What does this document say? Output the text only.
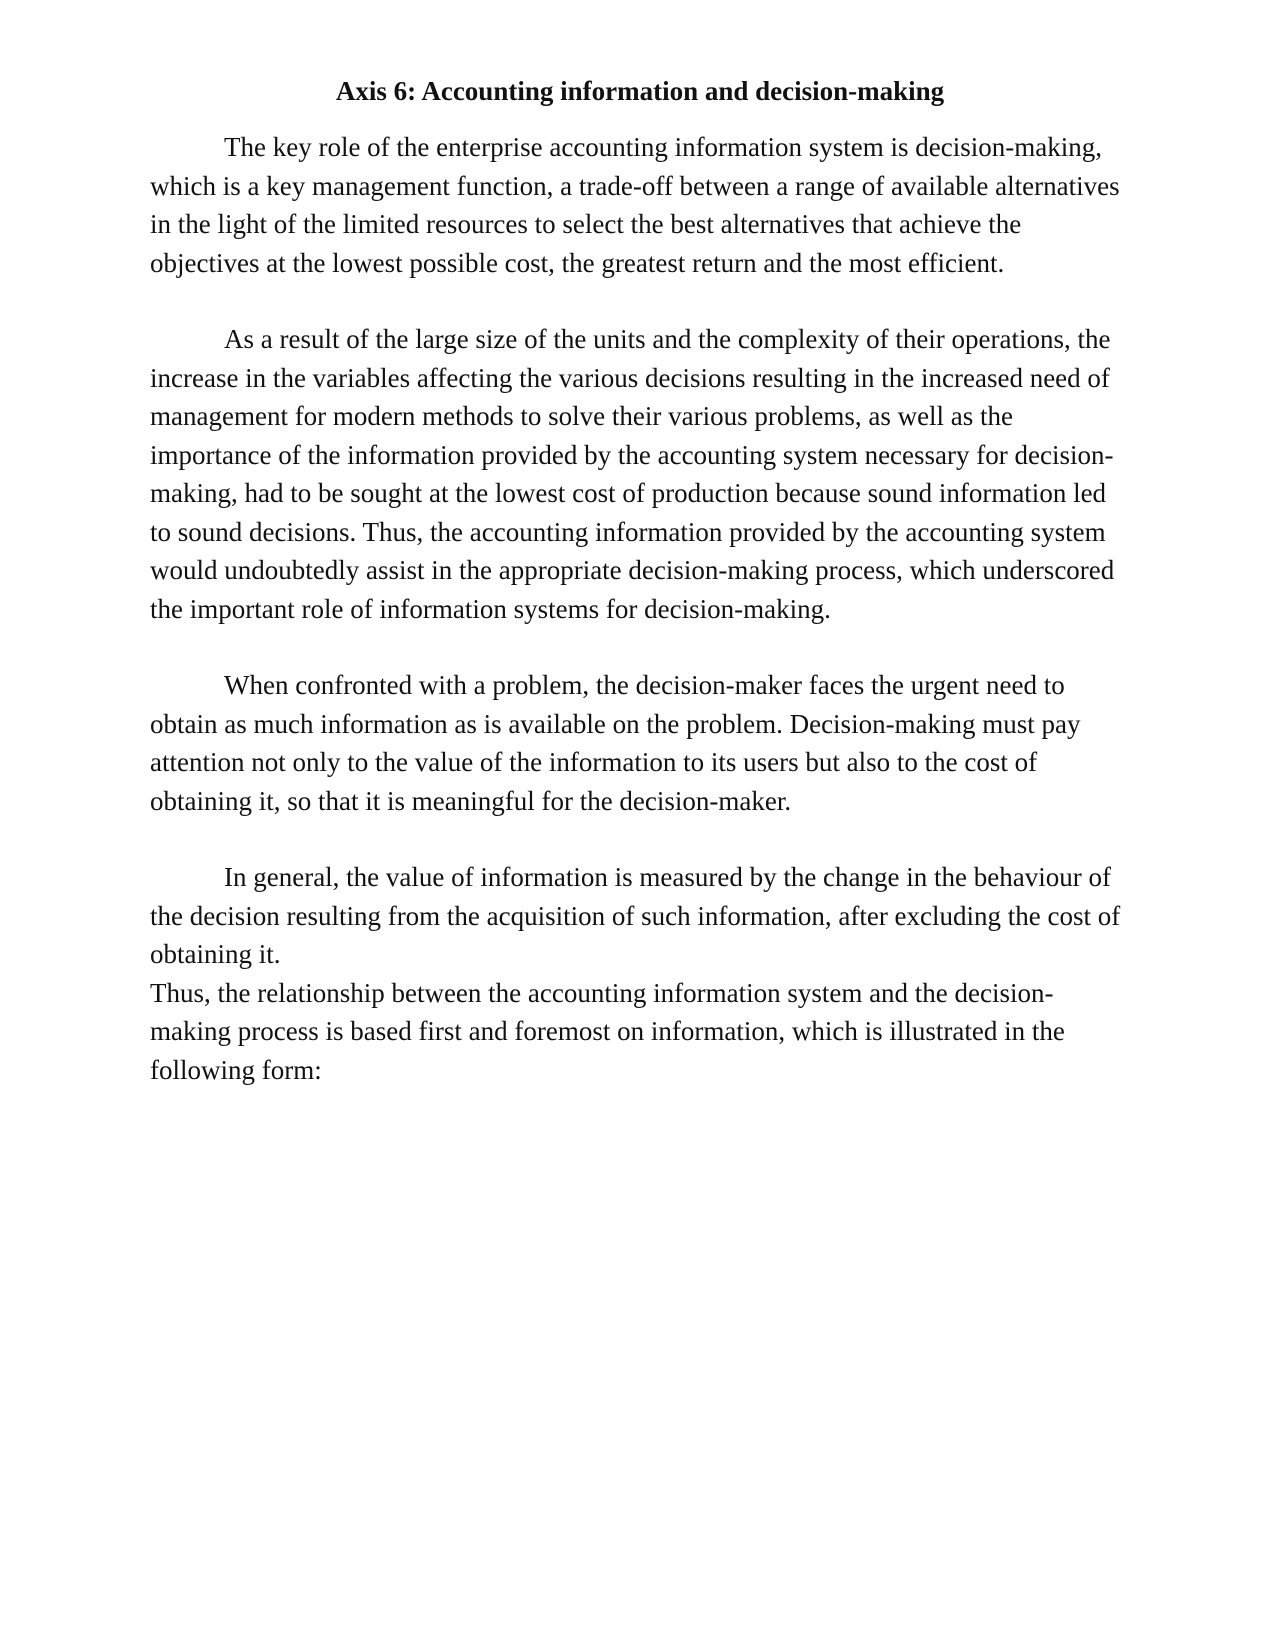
Axis 6: Accounting information and decision-making

The key role of the enterprise accounting information system is decision-making, which is a key management function, a trade-off between a range of available alternatives in the light of the limited resources to select the best alternatives that achieve the objectives at the lowest possible cost, the greatest return and the most efficient.

As a result of the large size of the units and the complexity of their operations, the increase in the variables affecting the various decisions resulting in the increased need of management for modern methods to solve their various problems, as well as the importance of the information provided by the accounting system necessary for decision-making, had to be sought at the lowest cost of production because sound information led to sound decisions. Thus, the accounting information provided by the accounting system would undoubtedly assist in the appropriate decision-making process, which underscored the important role of information systems for decision-making.

When confronted with a problem, the decision-maker faces the urgent need to obtain as much information as is available on the problem. Decision-making must pay attention not only to the value of the information to its users but also to the cost of obtaining it, so that it is meaningful for the decision-maker.

In general, the value of information is measured by the change in the behaviour of the decision resulting from the acquisition of such information, after excluding the cost of obtaining it.

Thus, the relationship between the accounting information system and the decision-making process is based first and foremost on information, which is illustrated in the following form:
